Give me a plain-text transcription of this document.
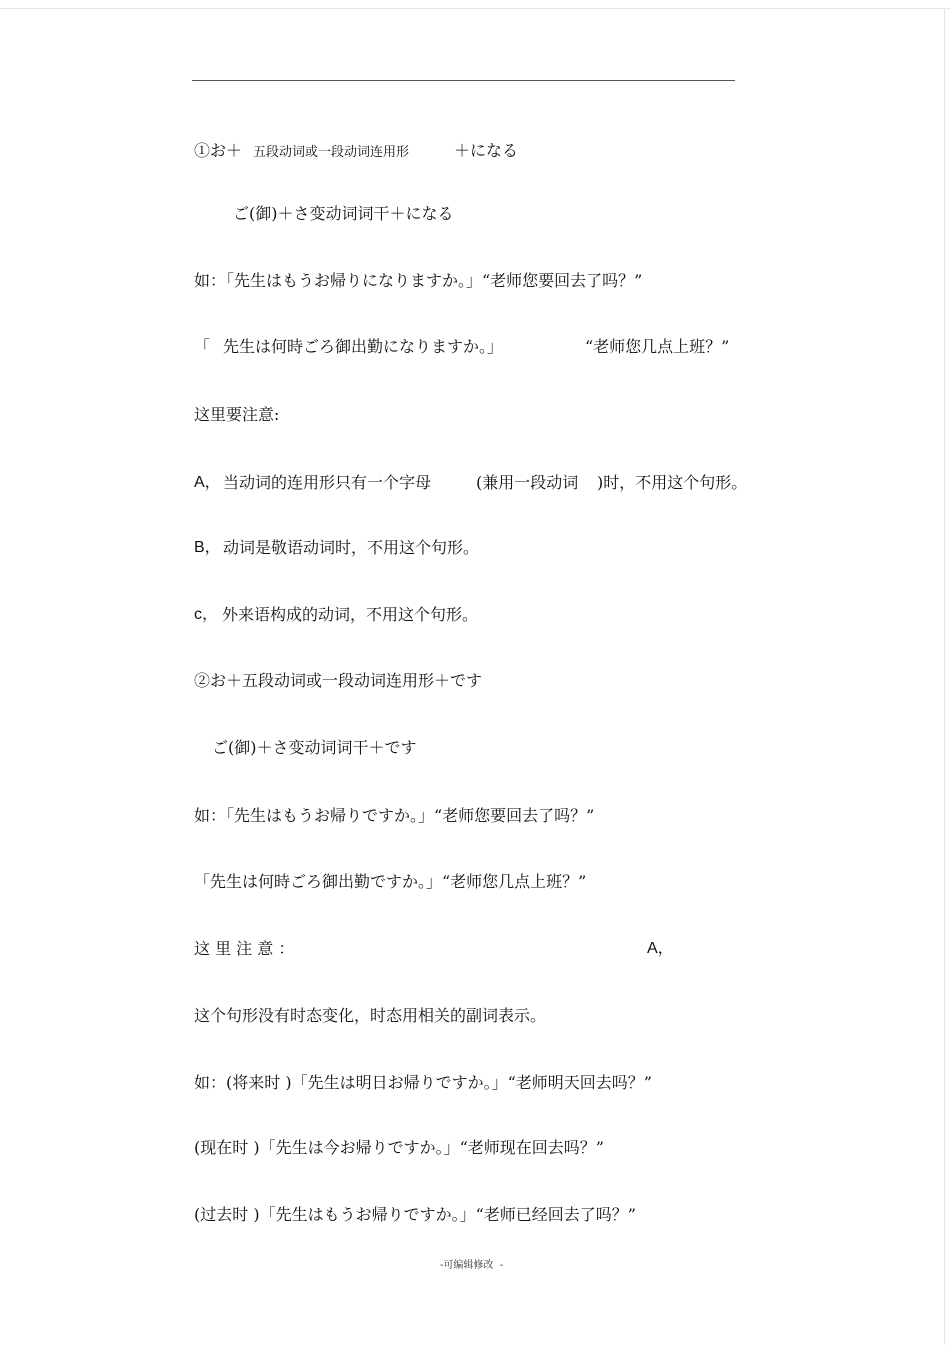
①お＋ 五段动词或一段动词连用形	＋になる
ご(御)＋さ变动词词干＋になる
如：「先生はもうお帰りになりますか。」“老师您要回去了吗？”
「 先生は何時ごろ御出勤になりますか。」	“老师您几点上班？”
这里要注意:
A， 当动词的连用形只有一个字母	(兼用一段动词 )时，不用这个句形。
B， 动词是敬语动词时，不用这个句形。
c， 外来语构成的动词，不用这个句形。
②お＋五段动词或一段动词连用形＋です
ご(御)＋さ变动词词干＋です
如：「先生はもうお帰りですか。」“老师您要回去了吗？”
「先生は何時ごろ御出勤ですか。」“老师您几点上班？”
这 里 注 意 ：	A，
这个句形没有时态变化，时态用相关的副词表示。
如：(将来时 )「先生は明日お帰りですか。」“老师明天回去吗？”
(现在时 )「先生は今お帰りですか。」“老师现在回去吗？”
(过去时 )「先生はもうお帰りですか。」“老师已经回去了吗？”
-可编辑修改  -
